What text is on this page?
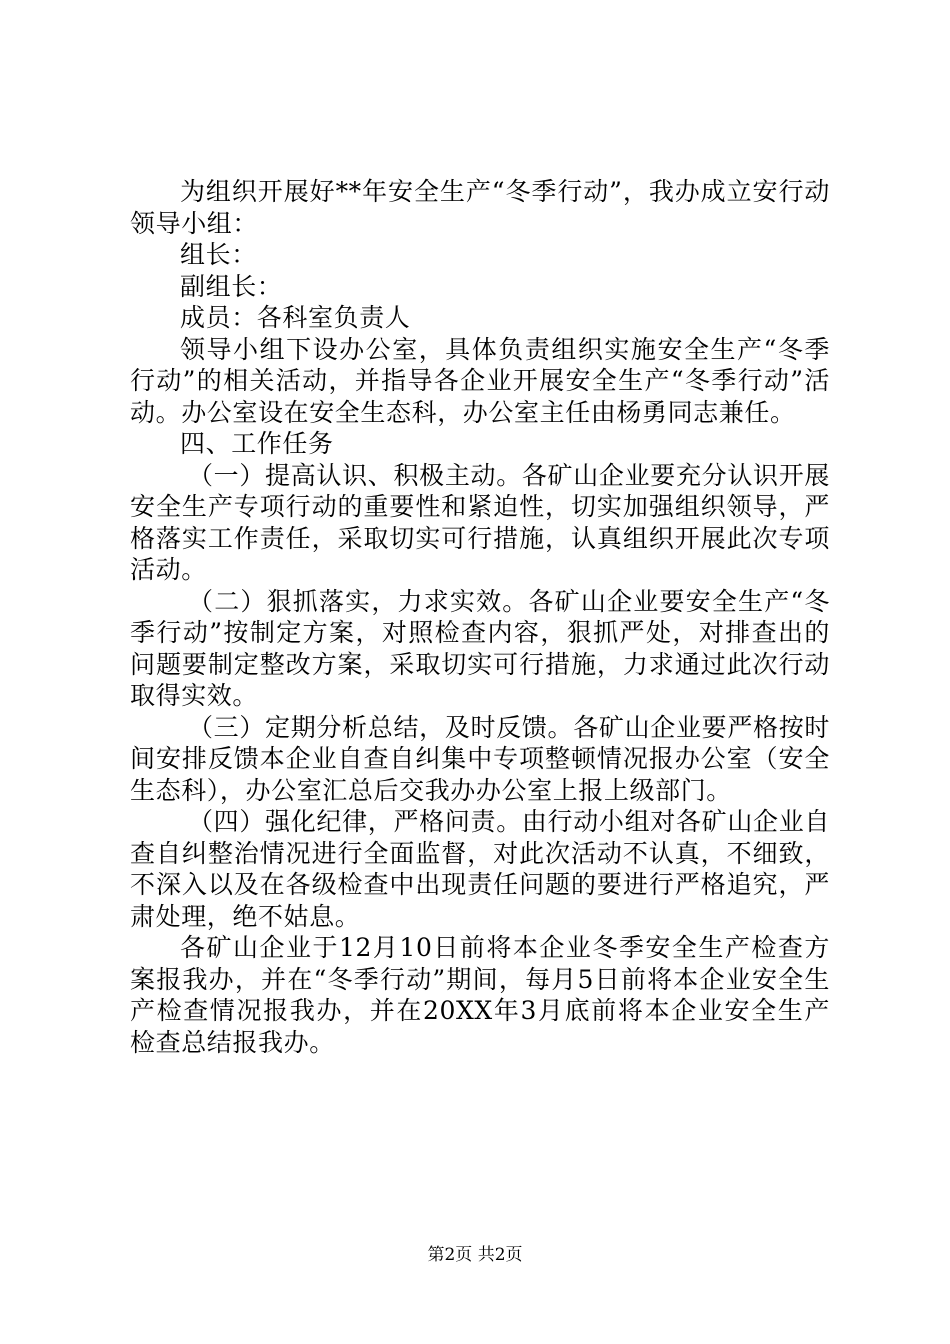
为组织开展好**年安全生产“冬季行动”，我办成立安行动领导小组：

组长：

副组长：

成员：各科室负责人

领导小组下设办公室，具体负责组织实施安全生产“冬季行动”的相关活动，并指导各企业开展安全生产“冬季行动”活动。办公室设在安全生态科，办公室主任由杨勇同志兼任。

四、工作任务

（一）提高认识、积极主动。各矿山企业要充分认识开展安全生产专项行动的重要性和紧迫性，切实加强组织领导，严格落实工作责任，采取切实可行措施，认真组织开展此次专项活动。

（二）狠抓落实，力求实效。各矿山企业要安全生产“冬季行动”按制定方案，对照检查内容，狠抓严处，对排查出的问题要制定整改方案，采取切实可行措施，力求通过此次行动取得实效。

（三）定期分析总结，及时反馈。各矿山企业要严格按时间安排反馈本企业自查自纠集中专项整顿情况报办公室（安全生态科），办公室汇总后交我办办公室上报上级部门。

（四）强化纪律，严格问责。由行动小组对各矿山企业自查自纠整治情况进行全面监督，对此次活动不认真，不细致，不深入以及在各级检查中出现责任问题的要进行严格追究，严肃处理，绝不姑息。

各矿山企业于12月10日前将本企业冬季安全生产检查方案报我办，并在“冬季行动”期间，每月5日前将本企业安全生产检查情况报我办，并在20XX年3月底前将本企业安全生产检查总结报我办。

第2页 共2页
